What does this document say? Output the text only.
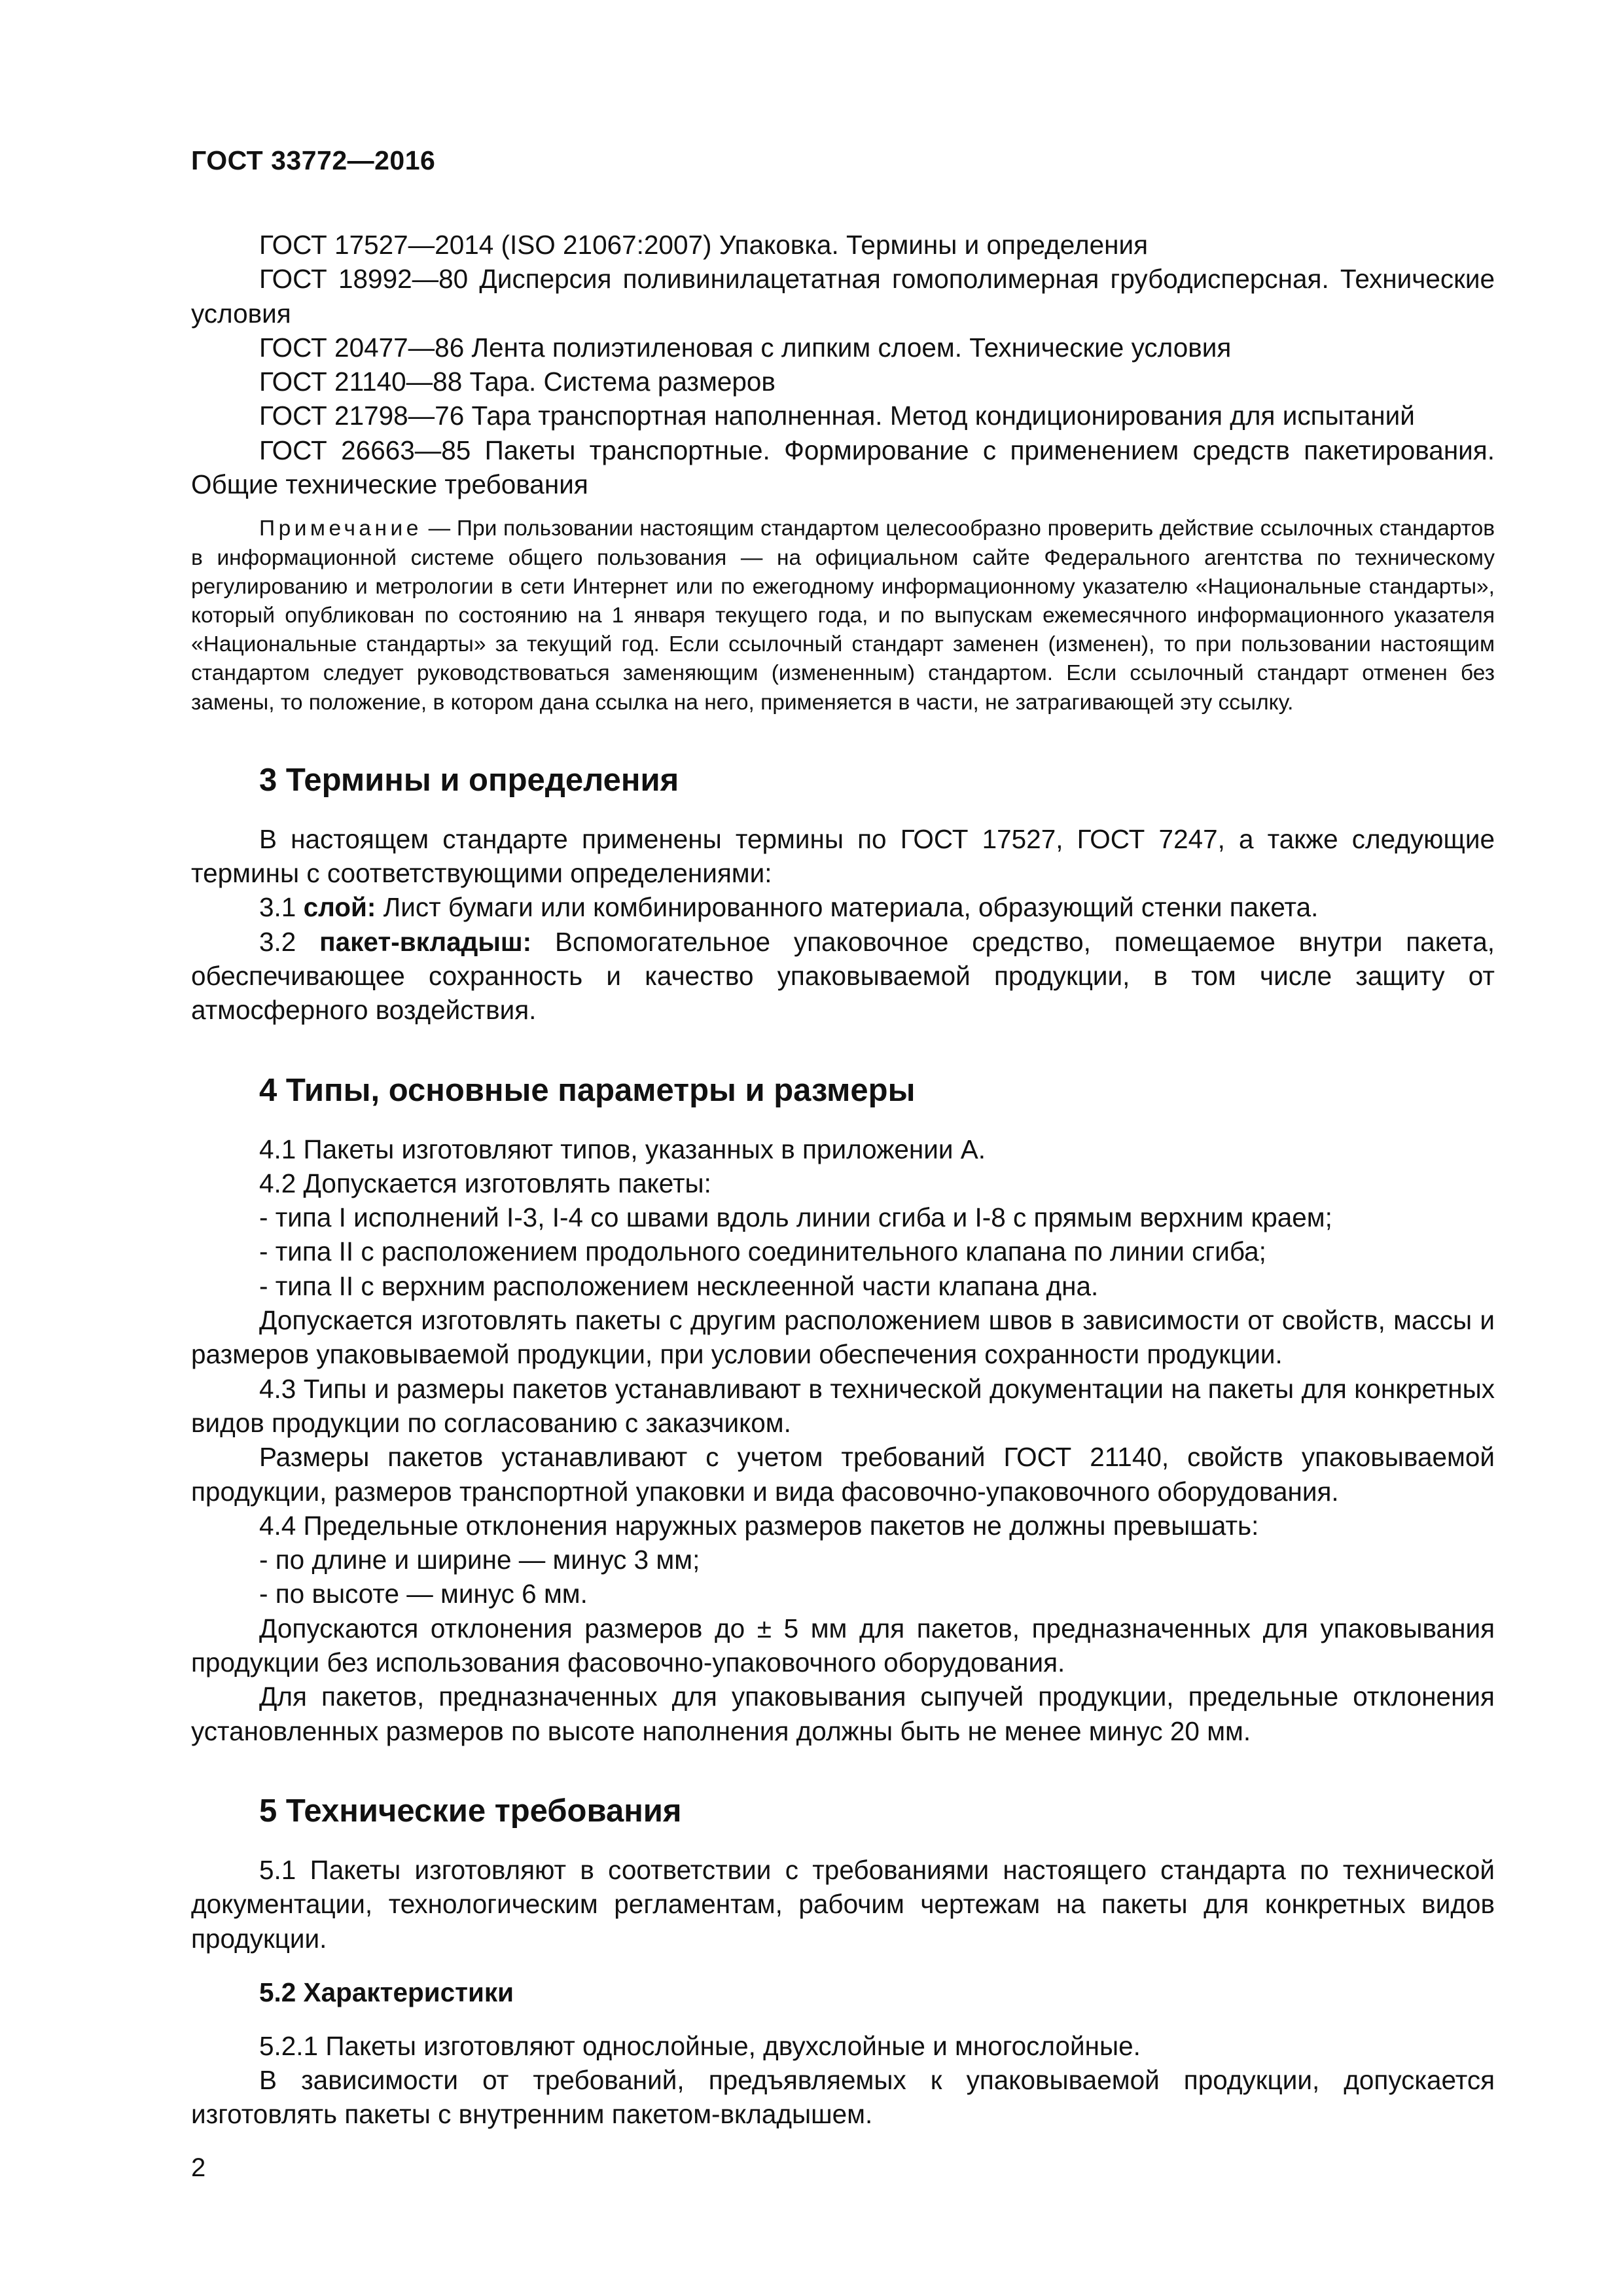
ГОСТ 33772—2016

ГОСТ 17527—2014 (ISO 21067:2007) Упаковка. Термины и определения

ГОСТ 18992—80 Дисперсия поливинилацетатная гомополимерная грубодисперсная. Технические условия

ГОСТ 20477—86 Лента полиэтиленовая с липким слоем. Технические условия

ГОСТ 21140—88 Тара. Система размеров

ГОСТ 21798—76 Тара транспортная наполненная. Метод кондиционирования для испытаний

ГОСТ 26663—85 Пакеты транспортные. Формирование с применением средств пакетирования. Общие технические требования

Примечание — При пользовании настоящим стандартом целесообразно проверить действие ссылочных стандартов в информационной системе общего пользования — на официальном сайте Федерального агентства по техническому регулированию и метрологии в сети Интернет или по ежегодному информационному указателю «Национальные стандарты», который опубликован по состоянию на 1 января текущего года, и по выпускам ежемесячного информационного указателя «Национальные стандарты» за текущий год. Если ссылочный стандарт заменен (изменен), то при пользовании настоящим стандартом следует руководствоваться заменяющим (измененным) стандартом. Если ссылочный стандарт отменен без замены, то положение, в котором дана ссылка на него, применяется в части, не затрагивающей эту ссылку.

3 Термины и определения

В настоящем стандарте применены термины по ГОСТ 17527, ГОСТ 7247, а также следующие термины с соответствующими определениями:

3.1 слой: Лист бумаги или комбинированного материала, образующий стенки пакета.

3.2 пакет-вкладыш: Вспомогательное упаковочное средство, помещаемое внутри пакета, обеспечивающее сохранность и качество упаковываемой продукции, в том числе защиту от атмосферного воздействия.

4 Типы, основные параметры и размеры

4.1 Пакеты изготовляют типов, указанных в приложении А.

4.2 Допускается изготовлять пакеты:

- типа I исполнений I-3, I-4 со швами вдоль линии сгиба и I-8 с прямым верхним краем;

- типа II с расположением продольного соединительного клапана по линии сгиба;

- типа II с верхним расположением несклеенной части клапана дна.

Допускается изготовлять пакеты с другим расположением швов в зависимости от свойств, массы и размеров упаковываемой продукции, при условии обеспечения сохранности продукции.

4.3 Типы и размеры пакетов устанавливают в технической документации на пакеты для конкретных видов продукции по согласованию с заказчиком.

Размеры пакетов устанавливают с учетом требований ГОСТ 21140, свойств упаковываемой продукции, размеров транспортной упаковки и вида фасовочно-упаковочного оборудования.

4.4 Предельные отклонения наружных размеров пакетов не должны превышать:

- по длине и ширине — минус 3 мм;

- по высоте — минус 6 мм.

Допускаются отклонения размеров до ± 5 мм для пакетов, предназначенных для упаковывания продукции без использования фасовочно-упаковочного оборудования.

Для пакетов, предназначенных для упаковывания сыпучей продукции, предельные отклонения установленных размеров по высоте наполнения должны быть не менее минус 20 мм.

5 Технические требования

5.1 Пакеты изготовляют в соответствии с требованиями настоящего стандарта по технической документации, технологическим регламентам, рабочим чертежам на пакеты для конкретных видов продукции.

5.2 Характеристики

5.2.1 Пакеты изготовляют однослойные, двухслойные и многослойные.

В зависимости от требований, предъявляемых к упаковываемой продукции, допускается изготовлять пакеты с внутренним пакетом-вкладышем.

2
